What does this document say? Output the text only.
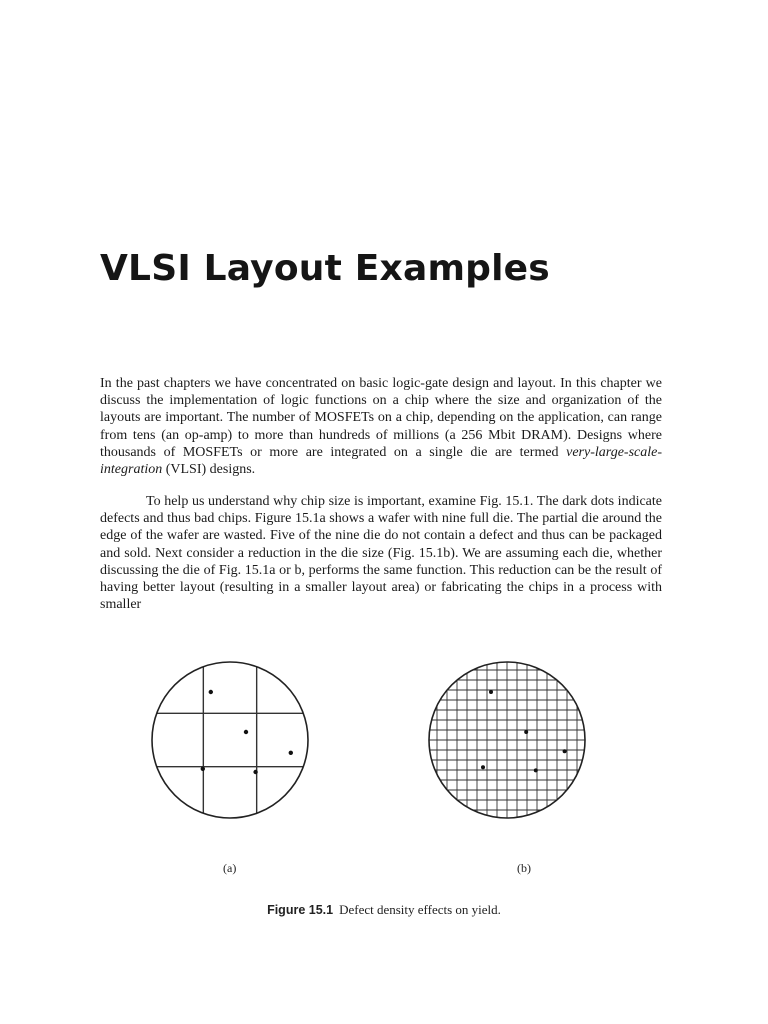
VLSI Layout Examples

In the past chapters we have concentrated on basic logic-gate design and layout. In this chapter we discuss the implementation of logic functions on a chip where the size and organization of the layouts are important. The number of MOSFETs on a chip, depending on the application, can range from tens (an op-amp) to more than hundreds of millions (a 256 Mbit DRAM). Designs where thousands of MOSFETs or more are integrated on a single die are termed very-large-scale-integration (VLSI) designs.

To help us understand why chip size is important, examine Fig. 15.1. The dark dots indicate defects and thus bad chips. Figure 15.1a shows a wafer with nine full die. The partial die around the edge of the wafer are wasted. Five of the nine die do not contain a defect and thus can be packaged and sold. Next consider a reduction in the die size (Fig. 15.1b). We are assuming each die, whether discussing the die of Fig. 15.1a or b, performs the same function. This reduction can be the result of having better layout (resulting in a smaller layout area) or fabricating the chips in a process with smaller

(a)	(b)
Figure 15.1 Defect density effects on yield.
